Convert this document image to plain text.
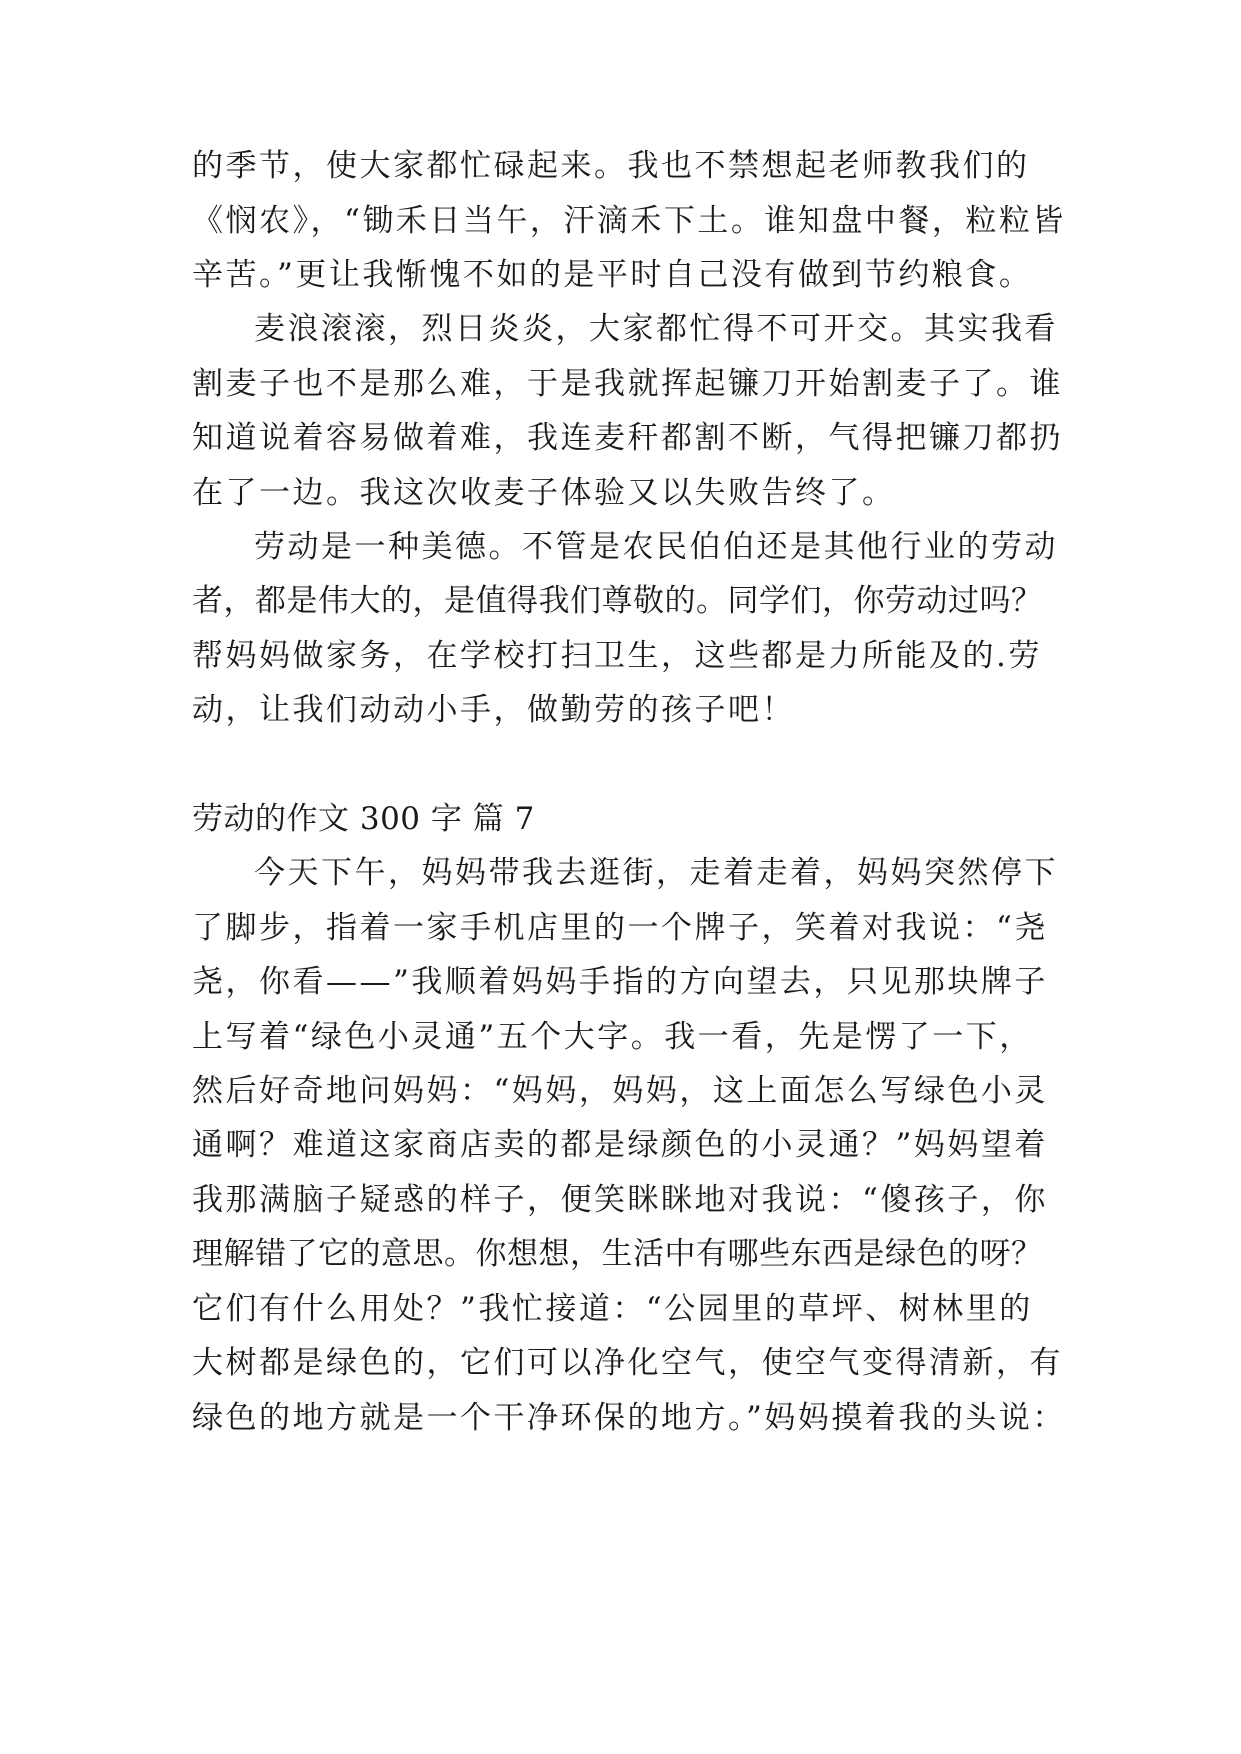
的季节，使大家都忙碌起来。我也不禁想起老师教我们的
《悯农》，“锄禾日当午，汗滴禾下土。谁知盘中餐，粒粒皆
辛苦。”更让我惭愧不如的是平时自己没有做到节约粮食。
麦浪滚滚，烈日炎炎，大家都忙得不可开交。其实我看
割麦子也不是那么难，于是我就挥起镰刀开始割麦子了。谁
知道说着容易做着难，我连麦秆都割不断，气得把镰刀都扔
在了一边。我这次收麦子体验又以失败告终了。
劳动是一种美德。不管是农民伯伯还是其他行业的劳动
者，都是伟大的，是值得我们尊敬的。同学们，你劳动过吗？
帮妈妈做家务，在学校打扫卫生，这些都是力所能及的.劳
动，让我们动动小手，做勤劳的孩子吧！
劳动的作文 300 字 篇 7
今天下午，妈妈带我去逛街，走着走着，妈妈突然停下
了脚步，指着一家手机店里的一个牌子，笑着对我说：“尧
尧，你看——”我顺着妈妈手指的方向望去，只见那块牌子
上写着“绿色小灵通”五个大字。我一看，先是愣了一下，
然后好奇地问妈妈：“妈妈，妈妈，这上面怎么写绿色小灵
通啊？难道这家商店卖的都是绿颜色的小灵通？”妈妈望着
我那满脑子疑惑的样子，便笑眯眯地对我说：“傻孩子，你
理解错了它的意思。你想想，生活中有哪些东西是绿色的呀？
它们有什么用处？”我忙接道：“公园里的草坪、树林里的
大树都是绿色的，它们可以净化空气，使空气变得清新，有
绿色的地方就是一个干净环保的地方。”妈妈摸着我的头说：
